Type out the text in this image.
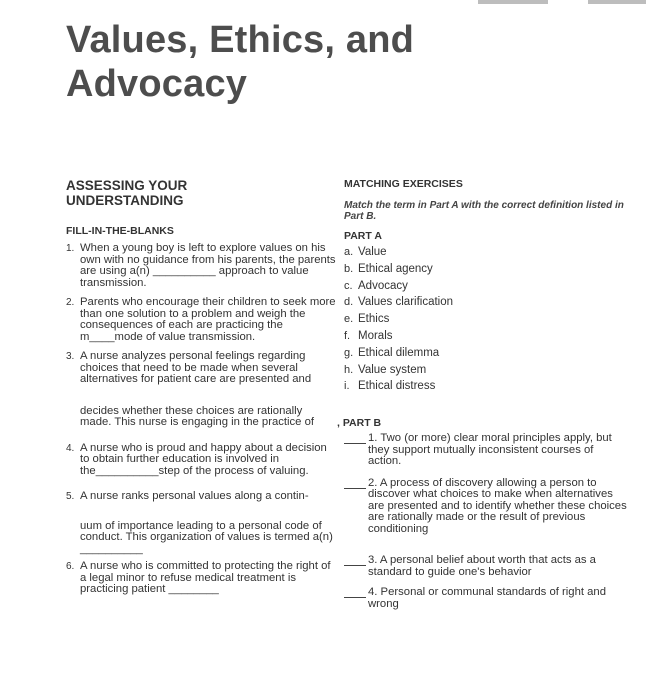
Values, Ethics, and
Advocacy
ASSESSING YOUR
UNDERSTANDING
FILL-IN-THE-BLANKS
1. When a young boy is left to explore values on his own with no guidance from his parents, the parents are using a(n) __________ approach to value transmission.
2. Parents who encourage their children to seek more than one solution to a problem and weigh the consequences of each are practicing the m____mode of value transmission.
3. A nurse analyzes personal feelings regarding choices that need to be made when several alternatives for patient care are presented and
decides whether these choices are rationally made. This nurse is engaging in the practice of
4. A nurse who is proud and happy about a decision to obtain further education is involved in the__________step of the process of valuing.
5. A nurse ranks personal values along a contin-
uum of importance leading to a personal code of conduct. This organization of values is termed a(n) __________
6. A nurse who is committed to protecting the right of a legal minor to refuse medical treatment is practicing patient ________
MATCHING EXERCISES
Match the term in Part A with the correct definition listed in Part B.
PART A
a. Value
b. Ethical agency
c. Advocacy
d. Values clarification
e. Ethics
f. Morals
g. Ethical dilemma
h. Value system
i. Ethical distress
, PART B
1. Two (or more) clear moral principles apply, but they support mutually inconsistent courses of action.
2. A process of discovery allowing a person to discover what choices to make when alternatives are presented and to identify whether these choices are rationally made or the result of previous conditioning
3. A personal belief about worth that acts as a standard to guide one's behavior
4. Personal or communal standards of right and wrong
